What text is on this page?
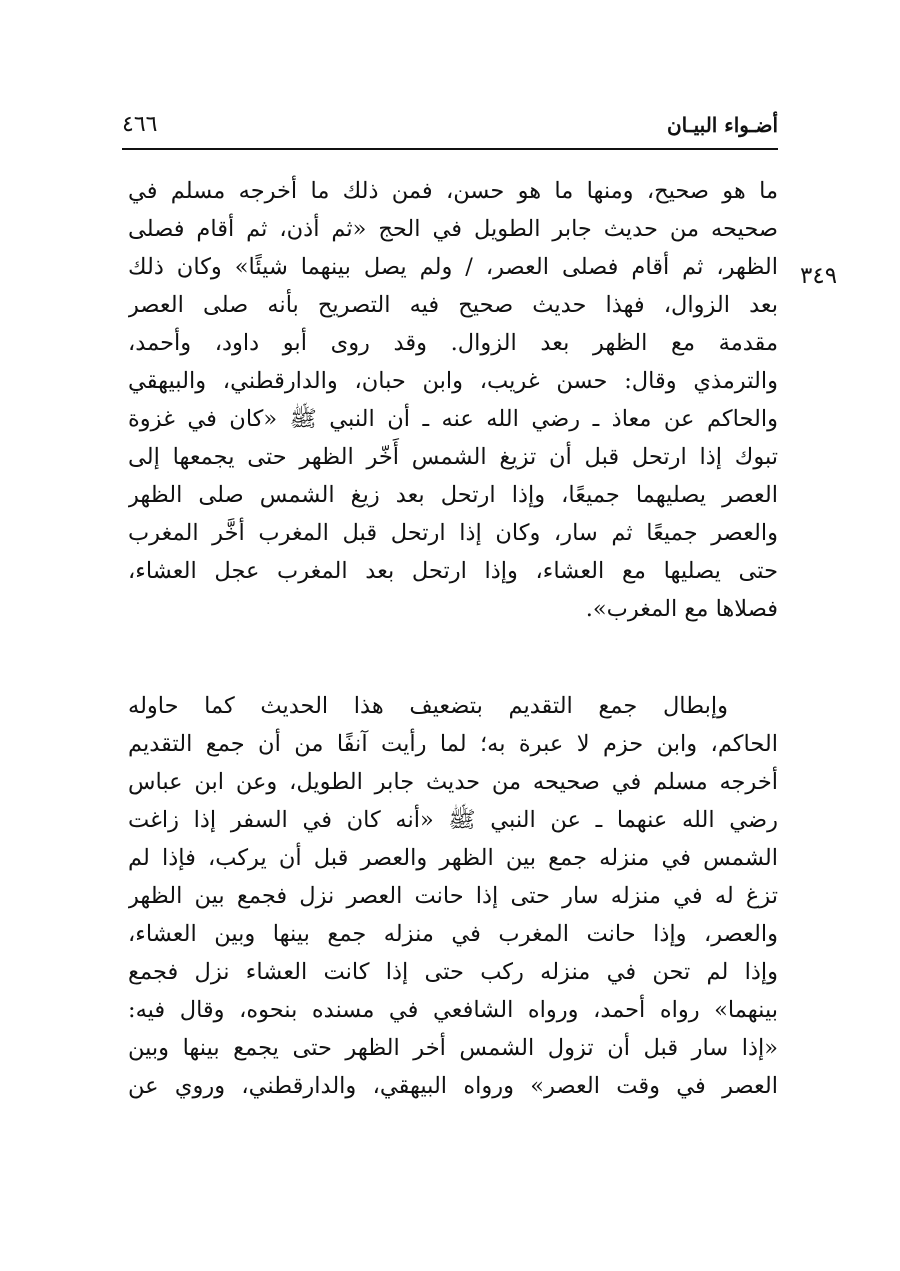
أضـواء البيـان
٤٦٦
٣٤٩
ما هو صحيح، ومنها ما هو حسن، فمن ذلك ما أخرجه مسلم في
صحيحه من حديث جابر الطويل في الحج «ثم أذن، ثم أقام فصلى
الظهر، ثم أقام فصلى العصر، / ولم يصل بينهما شيئًا» وكان ذلك
بعد الزوال، فهذا حديث صحيح فيه التصريح بأنه صلى العصر
مقدمة مع الظهر بعد الزوال. وقد روى أبو داود، وأحمد،
والترمذي وقال: حسن غريب، وابن حبان، والدارقطني، والبيهقي
والحاكم عن معاذ ـ رضي الله عنه ـ أن النبي ﷺ «كان في غزوة
تبوك إذا ارتحل قبل أن تزيغ الشمس أَخّر الظهر حتى يجمعها إلى
العصر يصليهما جميعًا، وإذا ارتحل بعد زيغ الشمس صلى الظهر
والعصر جميعًا ثم سار، وكان إذا ارتحل قبل المغرب أخَّر المغرب
حتى يصليها مع العشاء، وإذا ارتحل بعد المغرب عجل العشاء،
فصلاها مع المغرب».
وإبطال جمع التقديم بتضعيف هذا الحديث كما حاوله
الحاكم، وابن حزم لا عبرة به؛ لما رأيت آنفًا من أن جمع التقديم
أخرجه مسلم في صحيحه من حديث جابر الطويل، وعن ابن عباس
رضي الله عنهما ـ عن النبي ﷺ «أنه كان في السفر إذا زاغت
الشمس في منزله جمع بين الظهر والعصر قبل أن يركب، فإذا لم
تزغ له في منزله سار حتى إذا حانت العصر نزل فجمع بين الظهر
والعصر، وإذا حانت المغرب في منزله جمع بينها وبين العشاء،
وإذا لم تحن في منزله ركب حتى إذا كانت العشاء نزل فجمع
بينهما» رواه أحمد، ورواه الشافعي في مسنده بنحوه، وقال فيه:
«إذا سار قبل أن تزول الشمس أخر الظهر حتى يجمع بينها وبين
العصر في وقت العصر» ورواه البيهقي، والدارقطني، وروي عن
